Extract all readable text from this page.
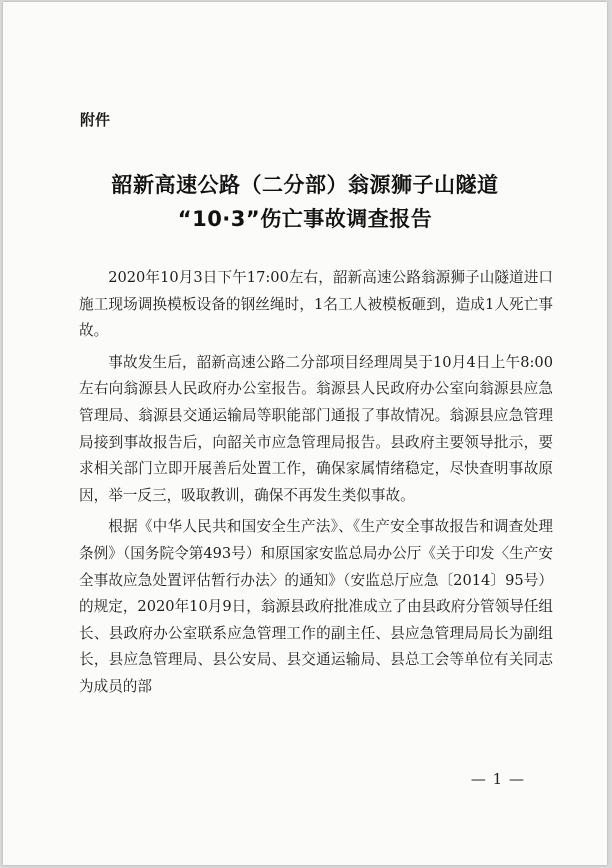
附件

韶新高速公路（二分部）翁源狮子山隧道
“10·3”伤亡事故调查报告

2020年10月3日下午17:00左右，韶新高速公路翁源狮子山隧道进口施工现场调换模板设备的钢丝绳时，1名工人被模板砸到，造成1人死亡事故。

事故发生后，韶新高速公路二分部项目经理周昊于10月4日上午8:00左右向翁源县人民政府办公室报告。翁源县人民政府办公室向翁源县应急管理局、翁源县交通运输局等职能部门通报了事故情况。翁源县应急管理局接到事故报告后，向韶关市应急管理局报告。县政府主要领导批示，要求相关部门立即开展善后处置工作，确保家属情绪稳定，尽快查明事故原因，举一反三，吸取教训，确保不再发生类似事故。

根据《中华人民共和国安全生产法》、《生产安全事故报告和调查处理条例》（国务院令第493号）和原国家安监总局办公厅《关于印发〈生产安全事故应急处置评估暂行办法〉的通知》（安监总厅应急〔2014〕95号）的规定，2020年10月9日，翁源县政府批准成立了由县政府分管领导任组长、县政府办公室联系应急管理工作的副主任、县应急管理局局长为副组长，县应急管理局、县公安局、县交通运输局、县总工会等单位有关同志为成员的部

— 1 —
